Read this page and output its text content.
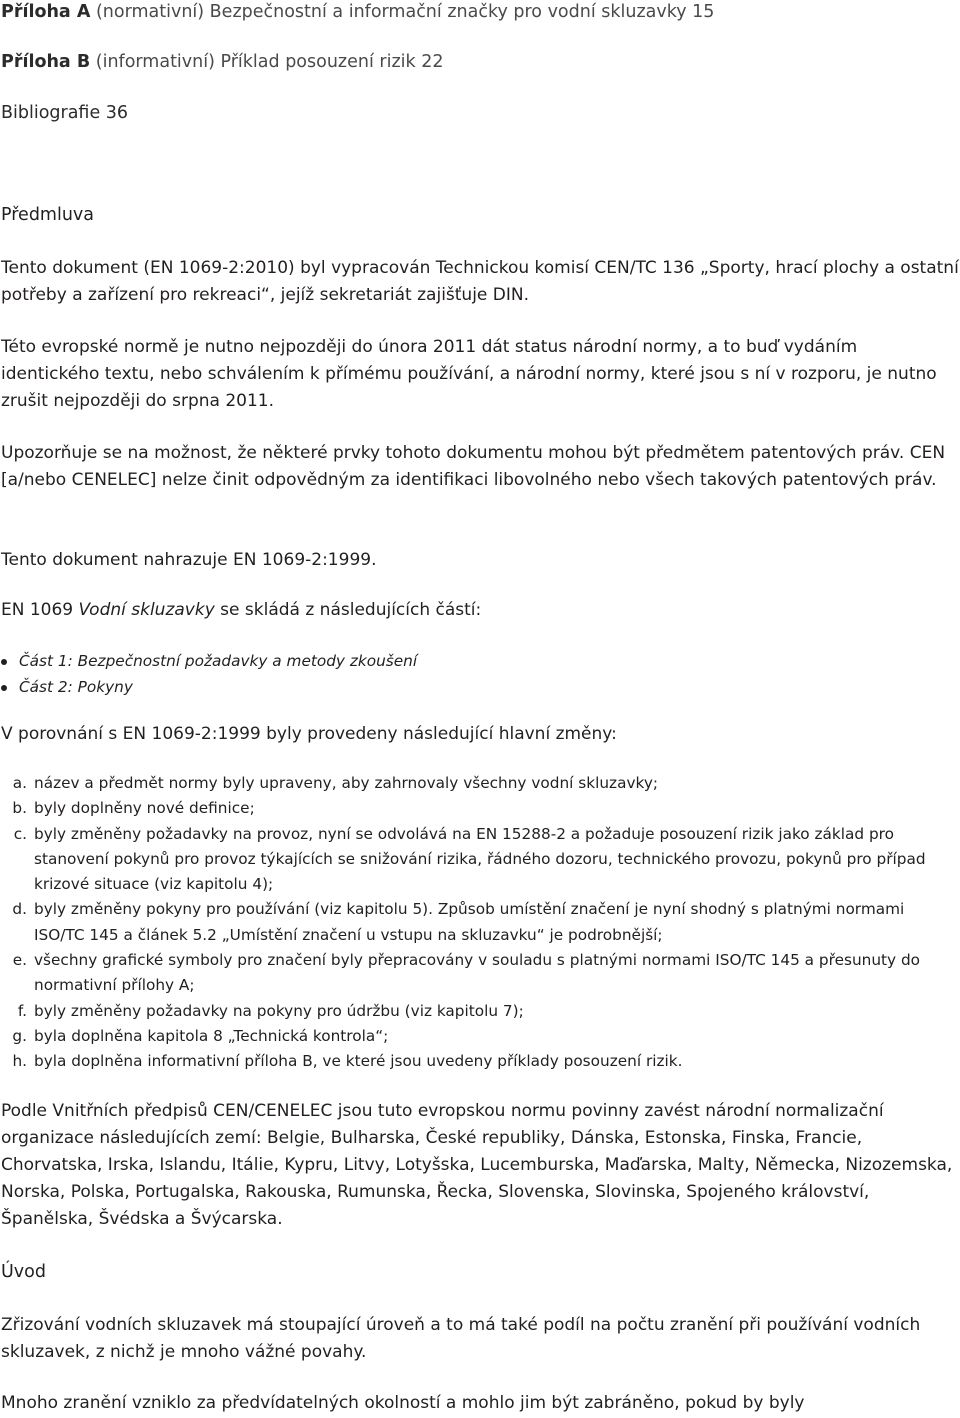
Příloha A (normativní) Bezpečnostní a informační značky pro vodní skluzavky 15
Příloha B (informativní) Příklad posouzení rizik 22
Bibliografie 36
Předmluva
Tento dokument (EN 1069-2:2010) byl vypracován Technickou komisí CEN/TC 136 „Sporty, hrací plochy a ostatní potřeby a zařízení pro rekreaci“, jejíž sekretariát zajišťuje DIN.
Této evropské normě je nutno nejpozději do února 2011 dát status národní normy, a to buď vydáním identického textu, nebo schválením k přímému používání, a národní normy, které jsou s ní v rozporu, je nutno zrušit nejpozději do srpna 2011.
Upozorňuje se na možnost, že některé prvky tohoto dokumentu mohou být předmětem patentových práv. CEN [a/nebo CENELEC] nelze činit odpovědným za identifikaci libovolného nebo všech takových patentových práv.
Tento dokument nahrazuje EN 1069-2:1999.
EN 1069 Vodní skluzavky se skládá z následujících částí:
Část 1: Bezpečnostní požadavky a metody zkoušení
Část 2: Pokyny
V porovnání s EN 1069-2:1999 byly provedeny následující hlavní změny:
a. název a předmět normy byly upraveny, aby zahrnovaly všechny vodní skluzavky;
b. byly doplněny nové definice;
c. byly změněny požadavky na provoz, nyní se odvolává na EN 15288-2 a požaduje posouzení rizik jako základ pro stanovení pokynů pro provoz týkajících se snižování rizika, řádného dozoru, technického provozu, pokynů pro případ krizové situace (viz kapitolu 4);
d. byly změněny pokyny pro používání (viz kapitolu 5). Způsob umístění značení je nyní shodný s platnými normami ISO/TC 145 a článek 5.2 „Umístění značení u vstupu na skluzavku“ je podrobnější;
e. všechny grafické symboly pro značení byly přepracovány v souladu s platnými normami ISO/TC 145 a přesunuty do normativní přílohy A;
f. byly změněny požadavky na pokyny pro údržbu (viz kapitolu 7);
g. byla doplněna kapitola 8 „Technická kontrola“;
h. byla doplněna informativní příloha B, ve které jsou uvedeny příklady posouzení rizik.
Podle Vnitřních předpisů CEN/CENELEC jsou tuto evropskou normu povinny zavést národní normalizační organizace následujících zemí: Belgie, Bulharska, České republiky, Dánska, Estonska, Finska, Francie, Chorvatska, Irska, Islandu, Itálie, Kypru, Litvy, Lotyšska, Lucemburska, Maďarska, Malty, Německa, Nizozemska, Norska, Polska, Portugalska, Rakouska, Rumunska, Řecka, Slovenska, Slovinska, Spojeného království, Španělska, Švédska a Švýcarska.
Úvod
Zřizování vodních skluzavek má stoupající úroveň a to má také podíl na počtu zranění při používání vodních skluzavek, z nichž je mnoho vážné povahy.
Mnoho zranění vzniklo za předvídatelných okolností a mohlo jim být zabráněno, pokud by byly
